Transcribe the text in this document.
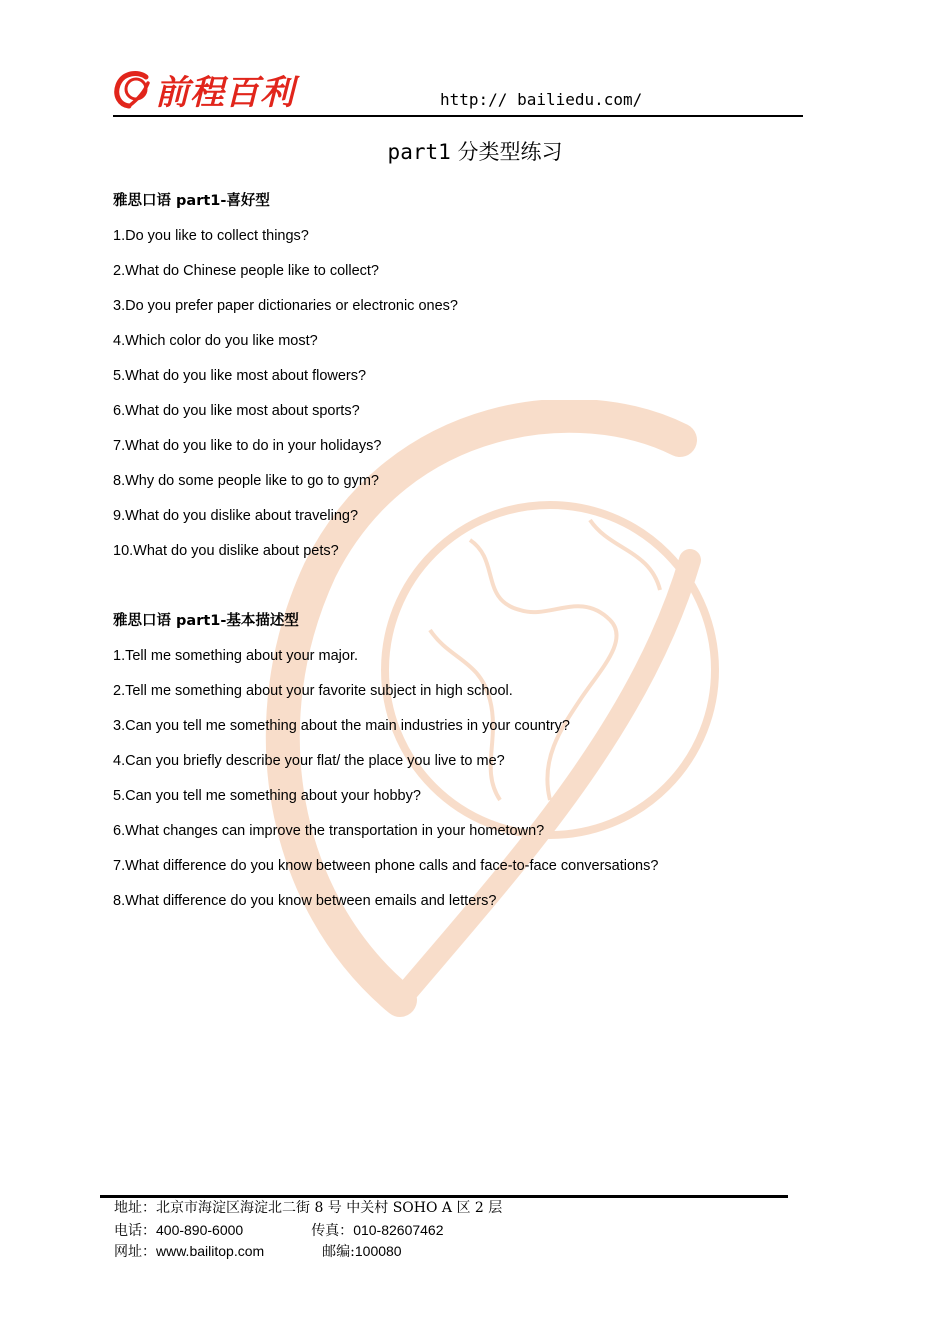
前程百利	http:// bailiedu.com/
part1 分类型练习
雅思口语 part1-喜好型
1.Do you like to collect things?
2.What do Chinese people like to collect?
3.Do you prefer paper dictionaries or electronic ones?
4.Which color do you like most?
5.What do you like most about flowers?
6.What do you like most about sports?
7.What do you like to do in your holidays?
8.Why do some people like to go to gym?
9.What do you dislike about traveling?
10.What do you dislike about pets?
雅思口语 part1-基本描述型
1.Tell me something about your major.
2.Tell me something about your favorite subject in high school.
3.Can you tell me something about the main industries in your country?
4.Can you briefly describe your flat/ the place you live to me?
5.Can you tell me something about your hobby?
6.What changes can improve the transportation in your hometown?
7.What difference do you know between phone calls and face-to-face conversations?
8.What difference do you know between emails and letters?
地址：北京市海淀区海淀北二街 8 号 中关村 SOHO A 区 2 层
电话：400-890-6000	传真：010-82607462
网址：www.bailitop.com	邮编:100080
